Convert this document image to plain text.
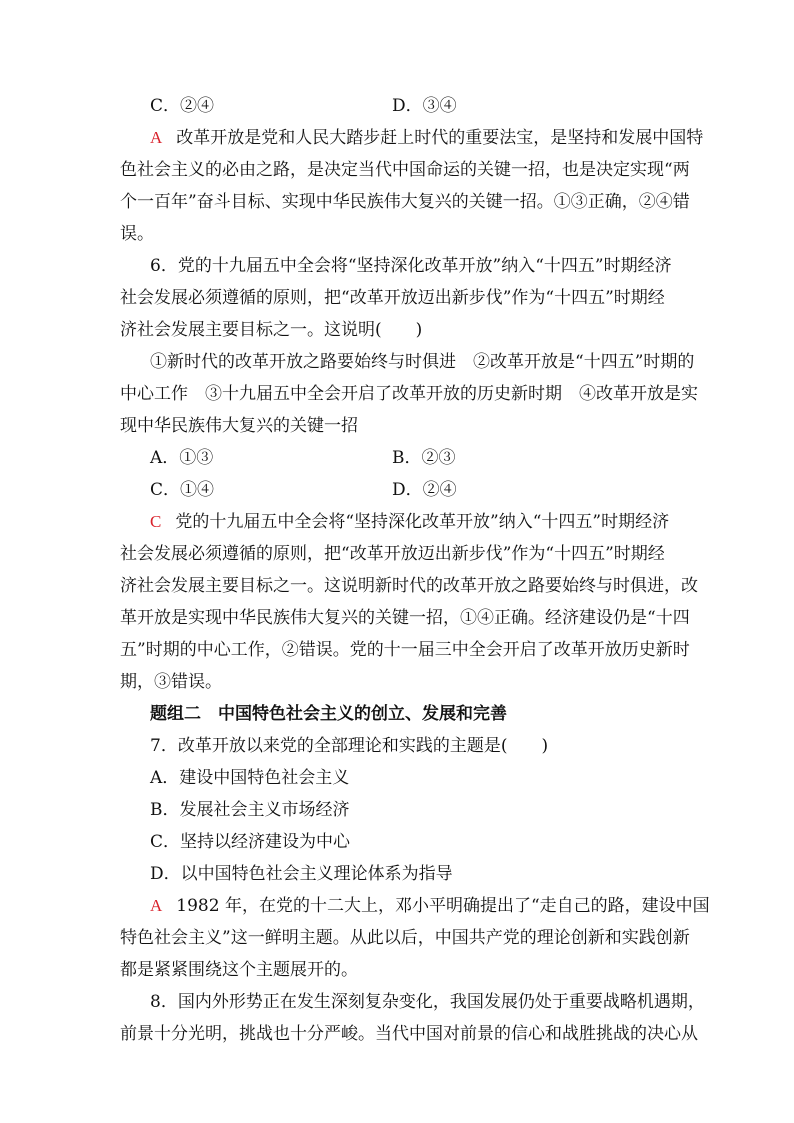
C．②④	D．③④
A 改革开放是党和人民大踏步赶上时代的重要法宝，是坚持和发展中国特
色社会主义的必由之路，是决定当代中国命运的关键一招，也是决定实现“两
个一百年”奋斗目标、实现中华民族伟大复兴的关键一招。①③正确，②④错
误。
6．党的十九届五中全会将“坚持深化改革开放”纳入“十四五”时期经济
社会发展必须遵循的原则，把“改革开放迈出新步伐”作为“十四五”时期经
济社会发展主要目标之一。这说明(　　)
①新时代的改革开放之路要始终与时俱进　②改革开放是“十四五”时期的
中心工作　③十九届五中全会开启了改革开放的历史新时期　④改革开放是实
现中华民族伟大复兴的关键一招
A．①③	B．②③
C．①④	D．②④
C 党的十九届五中全会将“坚持深化改革开放”纳入“十四五”时期经济
社会发展必须遵循的原则，把“改革开放迈出新步伐”作为“十四五”时期经
济社会发展主要目标之一。这说明新时代的改革开放之路要始终与时俱进，改
革开放是实现中华民族伟大复兴的关键一招，①④正确。经济建设仍是“十四
五”时期的中心工作，②错误。党的十一届三中全会开启了改革开放历史新时
期，③错误。
题组二　中国特色社会主义的创立、发展和完善
7．改革开放以来党的全部理论和实践的主题是(　　)
A．建设中国特色社会主义
B．发展社会主义市场经济
C．坚持以经济建设为中心
D．以中国特色社会主义理论体系为指导
A 1982 年，在党的十二大上，邓小平明确提出了“走自己的路，建设中国
特色社会主义”这一鲜明主题。从此以后，中国共产党的理论创新和实践创新
都是紧紧围绕这个主题展开的。
8．国内外形势正在发生深刻复杂变化，我国发展仍处于重要战略机遇期，
前景十分光明，挑战也十分严峻。当代中国对前景的信心和战胜挑战的决心从
